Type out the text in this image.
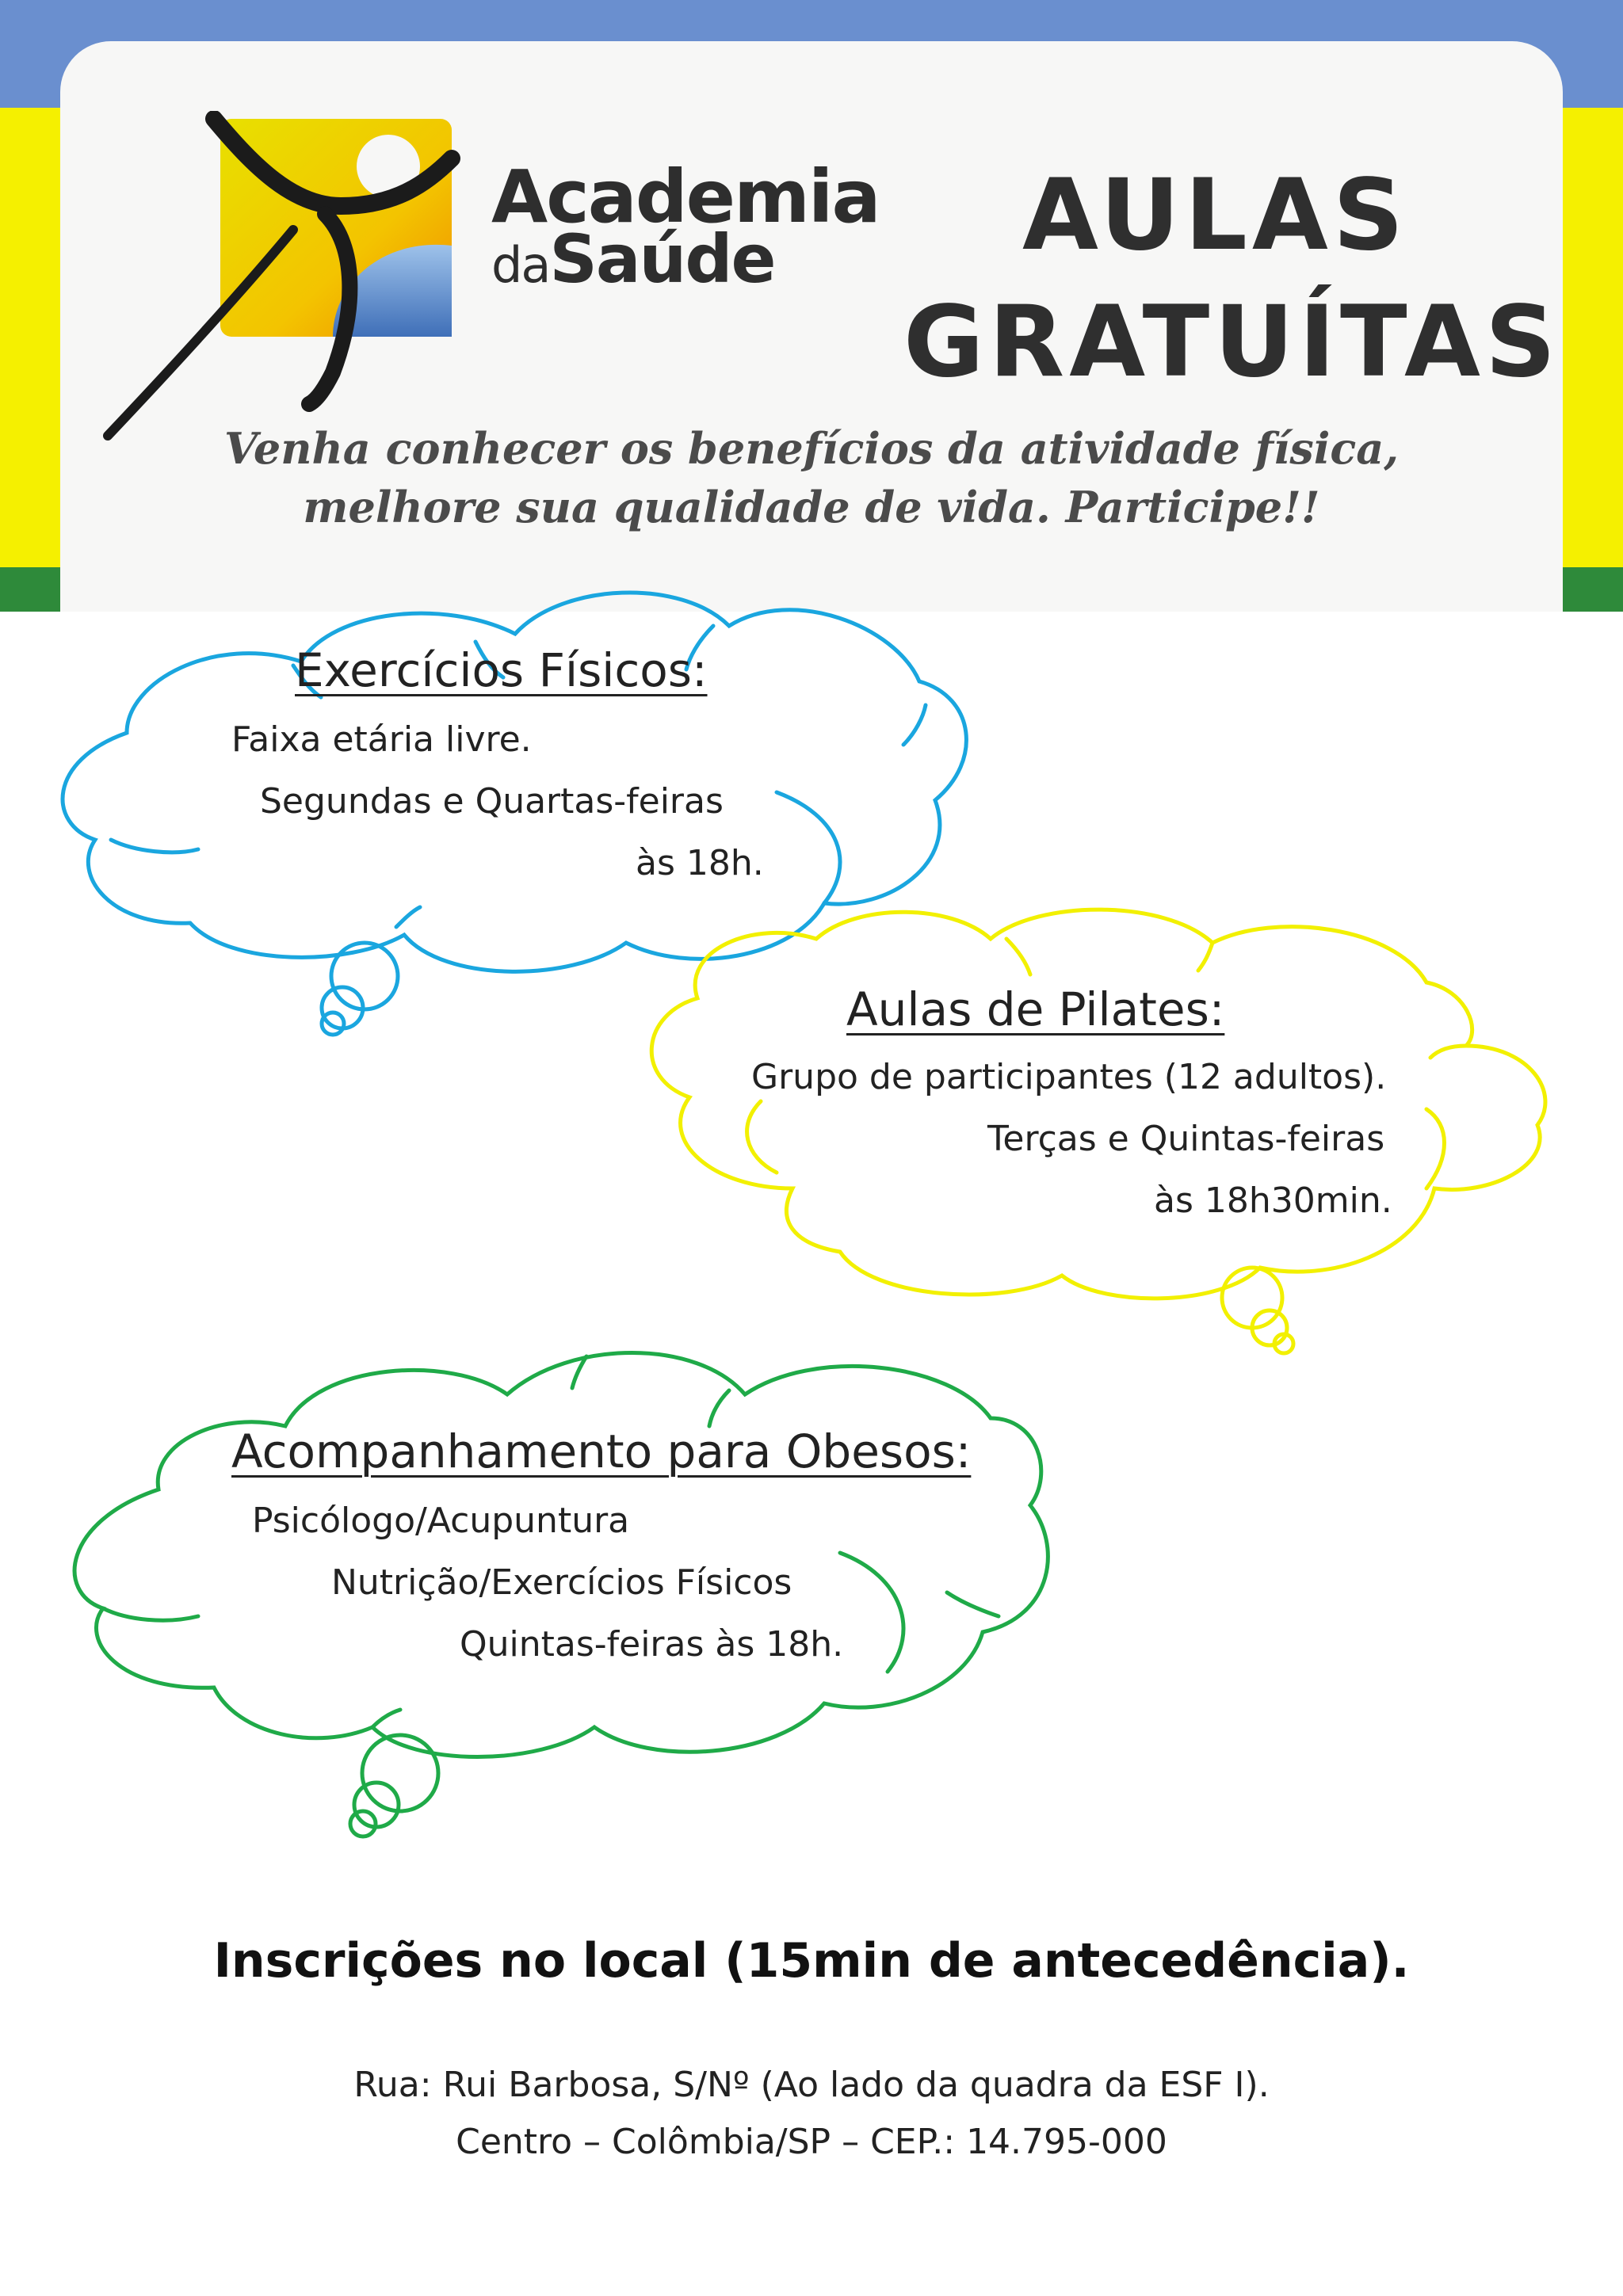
Academia
daSaúde	AULAS
GRATUÍTAS
Venha conhecer os benefícios da atividade física,
melhore sua qualidade de vida. Participe!!
Exercícios Físicos:
Faixa etária livre.
Segundas e Quartas-feiras
às 18h.
Aulas de Pilates:
Grupo de participantes (12 adultos).
Terças e Quintas-feiras
às 18h30min.
Acompanhamento para Obesos:
Psicólogo/Acupuntura
Nutrição/Exercícios Físicos
Quintas-feiras às 18h.
Inscrições no local (15min de antecedência).
Rua: Rui Barbosa, S/Nº (Ao lado da quadra da ESF I).
Centro – Colômbia/SP – CEP.: 14.795-000
